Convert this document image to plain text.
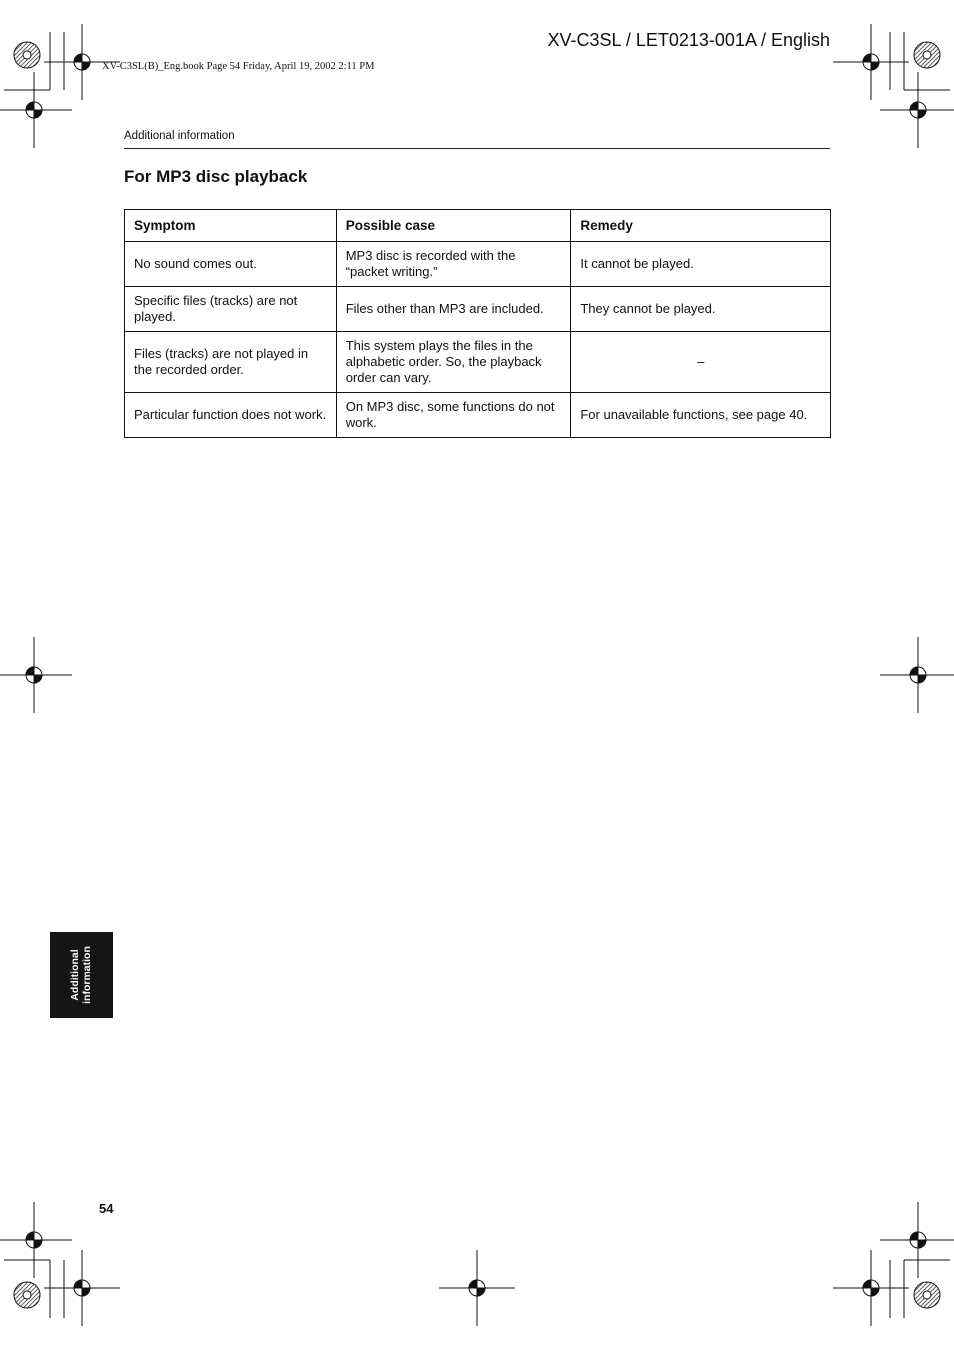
XV-C3SL / LET0213-001A / English
XV-C3SL(B)_Eng.book Page 54 Friday, April 19, 2002 2:11 PM
Additional information
For MP3 disc playback
Symptom	Possible case	Remedy
No sound comes out.	MP3 disc is recorded with the “packet writing.”	It cannot be played.
Specific files (tracks) are not played.	Files other than MP3 are included.	They cannot be played.
Files (tracks) are not played in the recorded order.	This system plays the files in the alphabetic order. So, the playback order can vary.	–
Particular function does not work.	On MP3 disc, some functions do not work.	For unavailable functions, see page 40.
Additional
information
54
